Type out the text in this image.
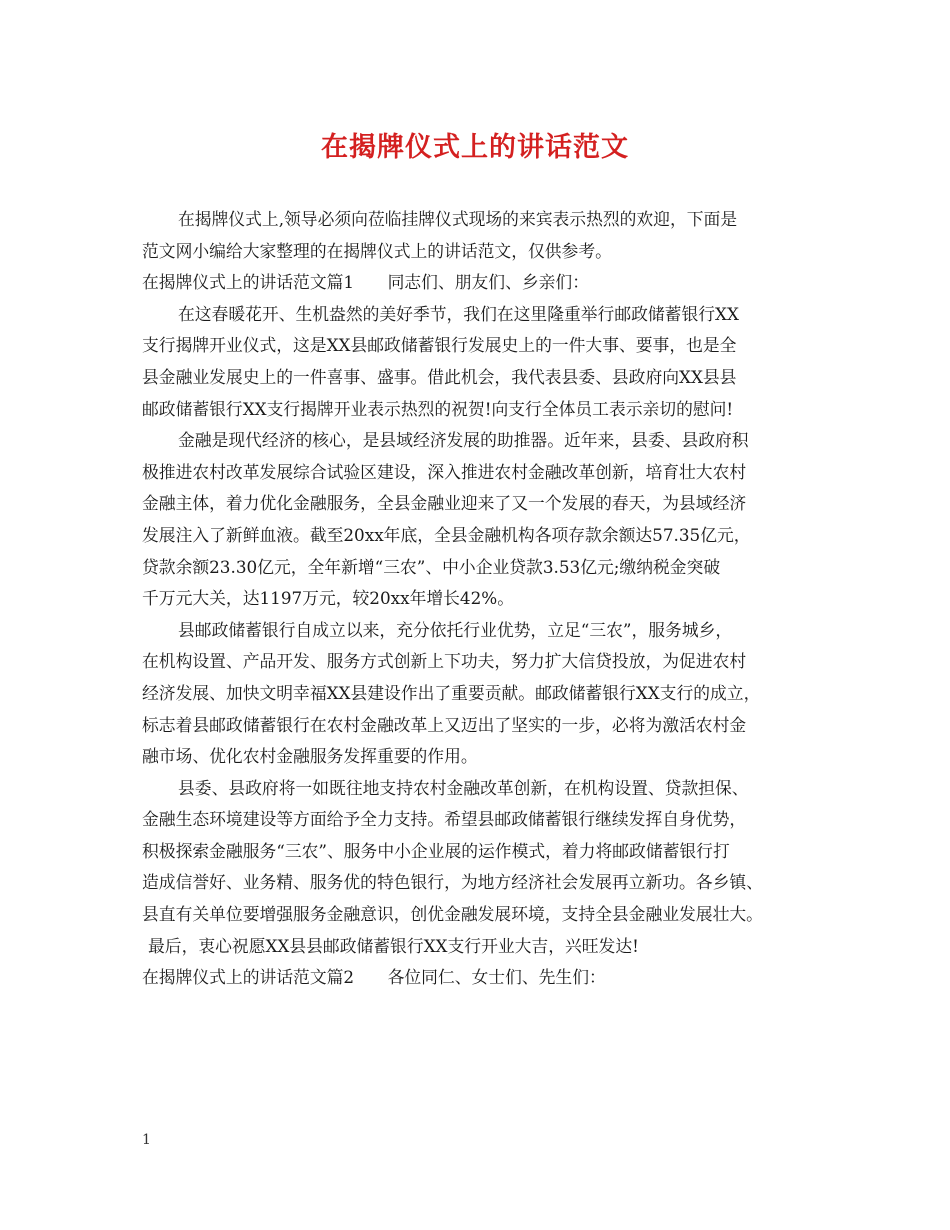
在揭牌仪式上的讲话范文
在揭牌仪式上,领导必须向莅临挂牌仪式现场的来宾表示热烈的欢迎，下面是
范文网小编给大家整理的在揭牌仪式上的讲话范文，仅供参考。
在揭牌仪式上的讲话范文篇1　　同志们、朋友们、乡亲们：
在这春暖花开、生机盎然的美好季节，我们在这里隆重举行邮政储蓄银行XX
支行揭牌开业仪式，这是XX县邮政储蓄银行发展史上的一件大事、要事，也是全
县金融业发展史上的一件喜事、盛事。借此机会，我代表县委、县政府向XX县县
邮政储蓄银行XX支行揭牌开业表示热烈的祝贺!向支行全体员工表示亲切的慰问!
金融是现代经济的核心，是县域经济发展的助推器。近年来，县委、县政府积
极推进农村改革发展综合试验区建设，深入推进农村金融改革创新，培育壮大农村
金融主体，着力优化金融服务，全县金融业迎来了又一个发展的春天，为县域经济
发展注入了新鲜血液。截至20xx年底，全县金融机构各项存款余额达57.35亿元，
贷款余额23.30亿元，全年新增“三农”、中小企业贷款3.53亿元;缴纳税金突破
千万元大关，达1197万元，较20xx年增长42%。
县邮政储蓄银行自成立以来，充分依托行业优势，立足“三农”，服务城乡，
在机构设置、产品开发、服务方式创新上下功夫，努力扩大信贷投放，为促进农村
经济发展、加快文明幸福XX县建设作出了重要贡献。邮政储蓄银行XX支行的成立，
标志着县邮政储蓄银行在农村金融改革上又迈出了坚实的一步，必将为激活农村金
融市场、优化农村金融服务发挥重要的作用。
县委、县政府将一如既往地支持农村金融改革创新，在机构设置、贷款担保、
金融生态环境建设等方面给予全力支持。希望县邮政储蓄银行继续发挥自身优势，
积极探索金融服务“三农”、服务中小企业展的运作模式，着力将邮政储蓄银行打
造成信誉好、业务精、服务优的特色银行，为地方经济社会发展再立新功。各乡镇、
县直有关单位要增强服务金融意识，创优金融发展环境，支持全县金融业发展壮大。
最后，衷心祝愿XX县县邮政储蓄银行XX支行开业大吉，兴旺发达!
在揭牌仪式上的讲话范文篇2　　各位同仁、女士们、先生们：
1
